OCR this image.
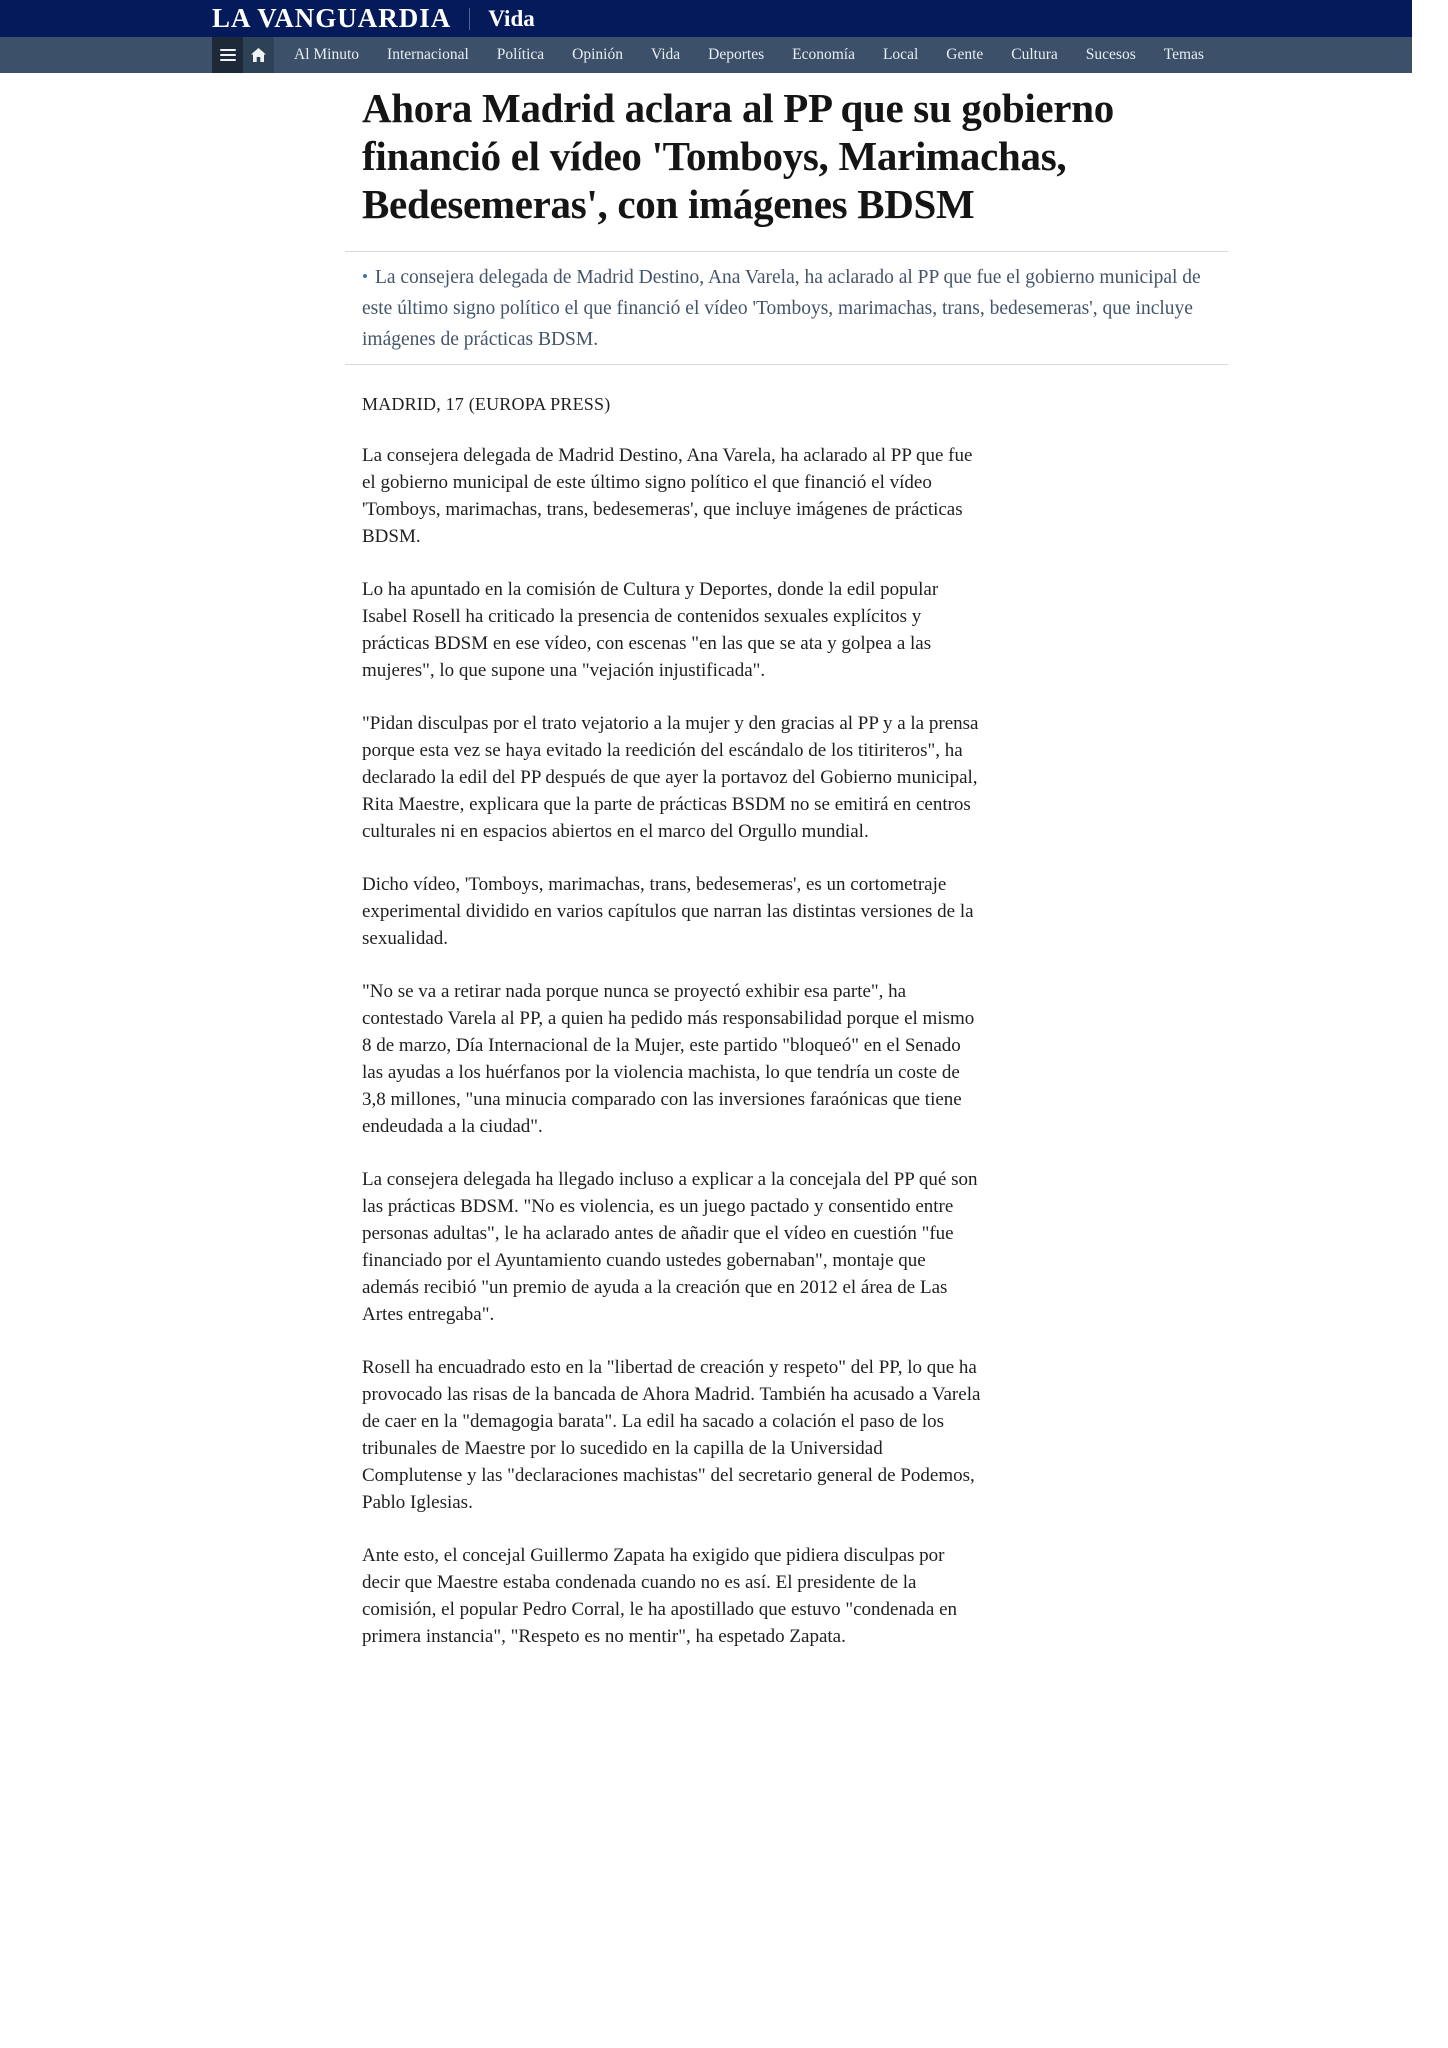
LA VANGUARDIA Vida
Al Minuto	Internacional	Política	Opinión	Vida	Deportes	Economía	Local	Gente	Cultura	Sucesos	Temas
Ahora Madrid aclara al PP que su gobierno financió el vídeo 'Tomboys, Marimachas, Bedesemeras', con imágenes BDSM

• La consejera delegada de Madrid Destino, Ana Varela, ha aclarado al PP que fue el gobierno municipal de este último signo político el que financió el vídeo 'Tomboys, marimachas, trans, bedesemeras', que incluye imágenes de prácticas BDSM.

MADRID, 17 (EUROPA PRESS)

La consejera delegada de Madrid Destino, Ana Varela, ha aclarado al PP que fue el gobierno municipal de este último signo político el que financió el vídeo 'Tomboys, marimachas, trans, bedesemeras', que incluye imágenes de prácticas BDSM.

Lo ha apuntado en la comisión de Cultura y Deportes, donde la edil popular Isabel Rosell ha criticado la presencia de contenidos sexuales explícitos y prácticas BDSM en ese vídeo, con escenas "en las que se ata y golpea a las mujeres", lo que supone una "vejación injustificada".

"Pidan disculpas por el trato vejatorio a la mujer y den gracias al PP y a la prensa porque esta vez se haya evitado la reedición del escándalo de los titiriteros", ha declarado la edil del PP después de que ayer la portavoz del Gobierno municipal, Rita Maestre, explicara que la parte de prácticas BSDM no se emitirá en centros culturales ni en espacios abiertos en el marco del Orgullo mundial.

Dicho vídeo, 'Tomboys, marimachas, trans, bedesemeras', es un cortometraje experimental dividido en varios capítulos que narran las distintas versiones de la sexualidad.

"No se va a retirar nada porque nunca se proyectó exhibir esa parte", ha contestado Varela al PP, a quien ha pedido más responsabilidad porque el mismo 8 de marzo, Día Internacional de la Mujer, este partido "bloqueó" en el Senado las ayudas a los huérfanos por la violencia machista, lo que tendría un coste de 3,8 millones, "una minucia comparado con las inversiones faraónicas que tiene endeudada a la ciudad".

La consejera delegada ha llegado incluso a explicar a la concejala del PP qué son las prácticas BDSM. "No es violencia, es un juego pactado y consentido entre personas adultas", le ha aclarado antes de añadir que el vídeo en cuestión "fue financiado por el Ayuntamiento cuando ustedes gobernaban", montaje que además recibió "un premio de ayuda a la creación que en 2012 el área de Las Artes entregaba".

Rosell ha encuadrado esto en la "libertad de creación y respeto" del PP, lo que ha provocado las risas de la bancada de Ahora Madrid. También ha acusado a Varela de caer en la "demagogia barata". La edil ha sacado a colación el paso de los tribunales de Maestre por lo sucedido en la capilla de la Universidad Complutense y las "declaraciones machistas" del secretario general de Podemos, Pablo Iglesias.

Ante esto, el concejal Guillermo Zapata ha exigido que pidiera disculpas por decir que Maestre estaba condenada cuando no es así. El presidente de la comisión, el popular Pedro Corral, le ha apostillado que estuvo "condenada en primera instancia", "Respeto es no mentir", ha espetado Zapata.
